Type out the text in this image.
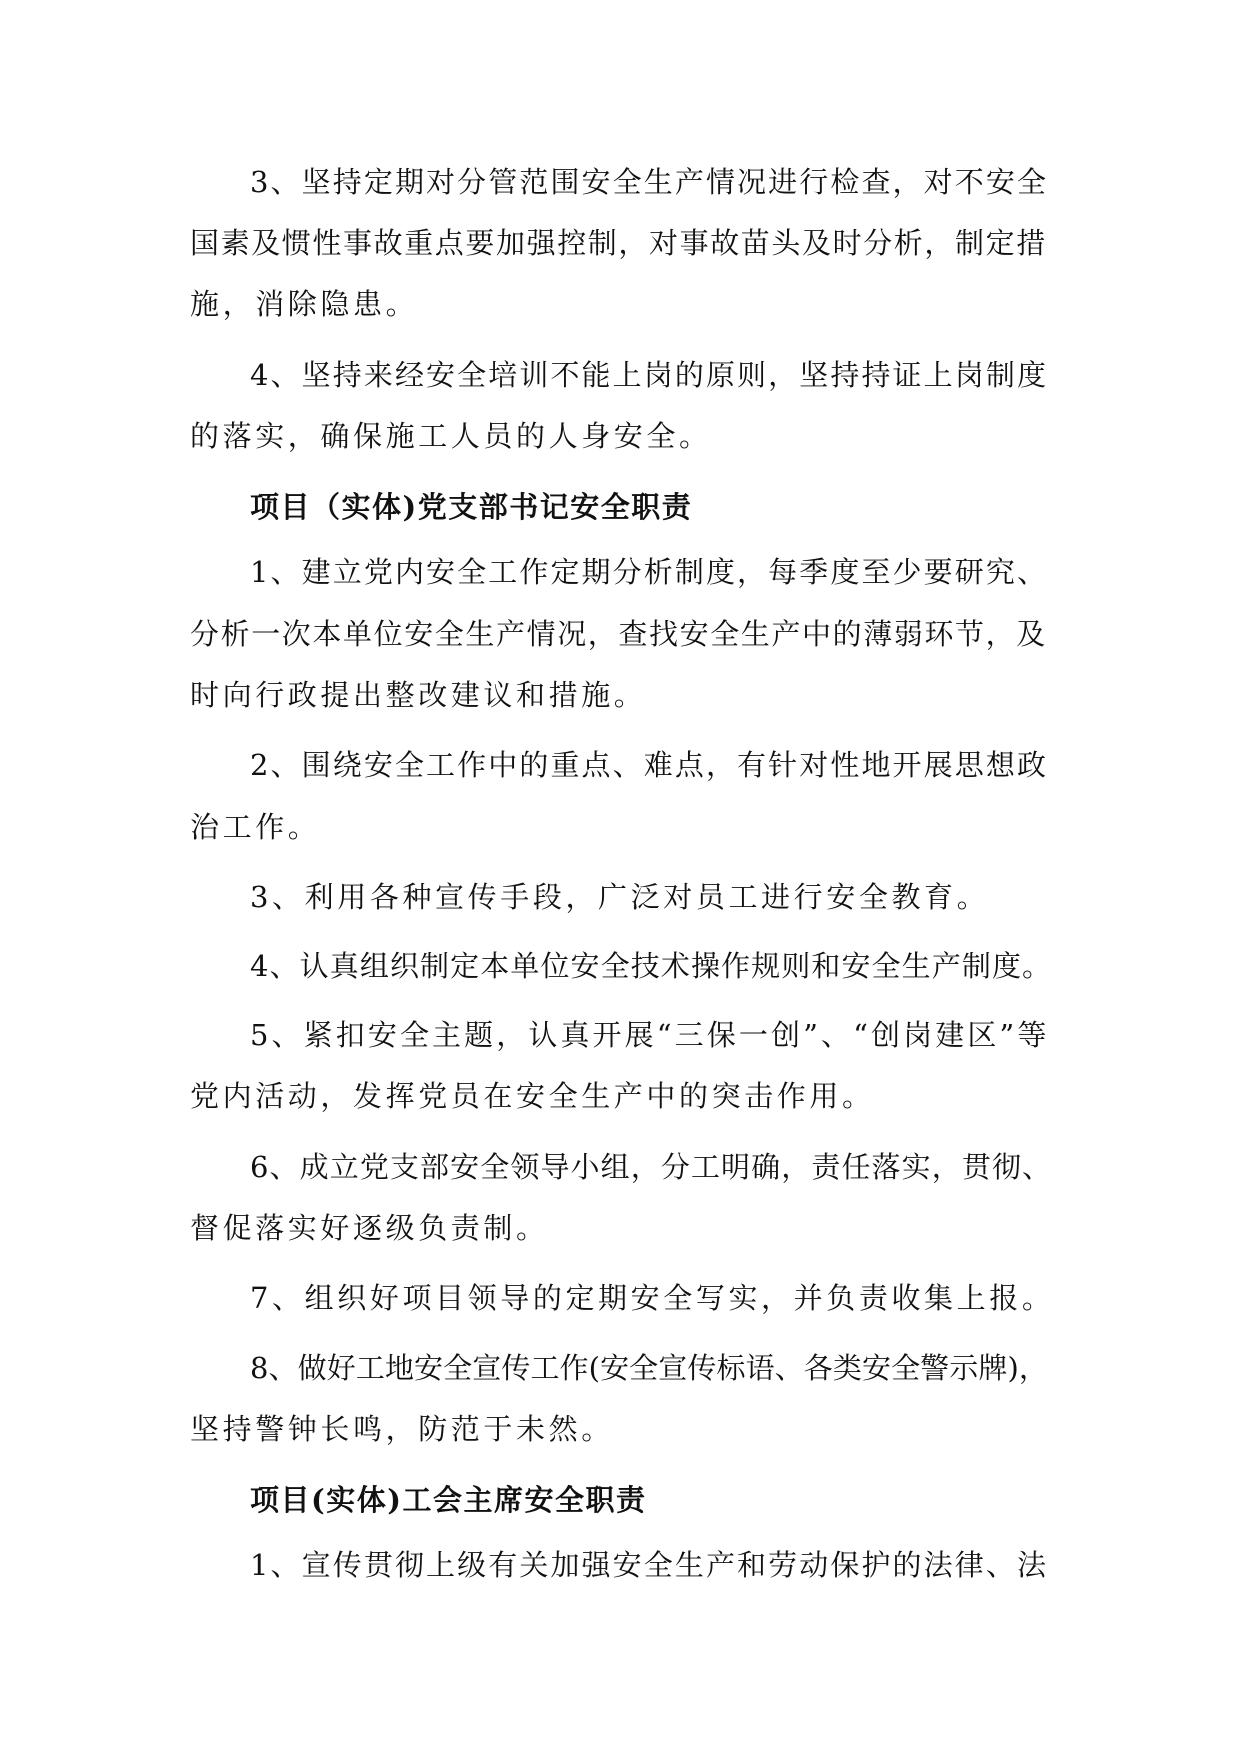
3、坚持定期对分管范围安全生产情况进行检查，对不安全

国素及惯性事故重点要加强控制，对事故苗头及时分析，制定措

施，消除隐患。

4、坚持来经安全培训不能上岗的原则，坚持持证上岗制度

的落实，确保施工人员的人身安全。

项目（实体)党支部书记安全职责

1、建立党内安全工作定期分析制度，每季度至少要研究、

分析一次本单位安全生产情况，查找安全生产中的薄弱环节，及

时向行政提出整改建议和措施。

2、围绕安全工作中的重点、难点，有针对性地开展思想政

治工作。

3、利用各种宣传手段，广泛对员工进行安全教育。

4、认真组织制定本单位安全技术操作规则和安全生产制度。

5、紧扣安全主题，认真开展“三保一创”、“创岗建区”等

党内活动，发挥党员在安全生产中的突击作用。

6、成立党支部安全领导小组，分工明确，责任落实，贯彻、

督促落实好逐级负责制。

7、组织好项目领导的定期安全写实，并负责收集上报。

8、做好工地安全宣传工作(安全宣传标语、各类安全警示牌)，

坚持警钟长鸣，防范于未然。

项目(实体)工会主席安全职责

1、宣传贯彻上级有关加强安全生产和劳动保护的法律、法
